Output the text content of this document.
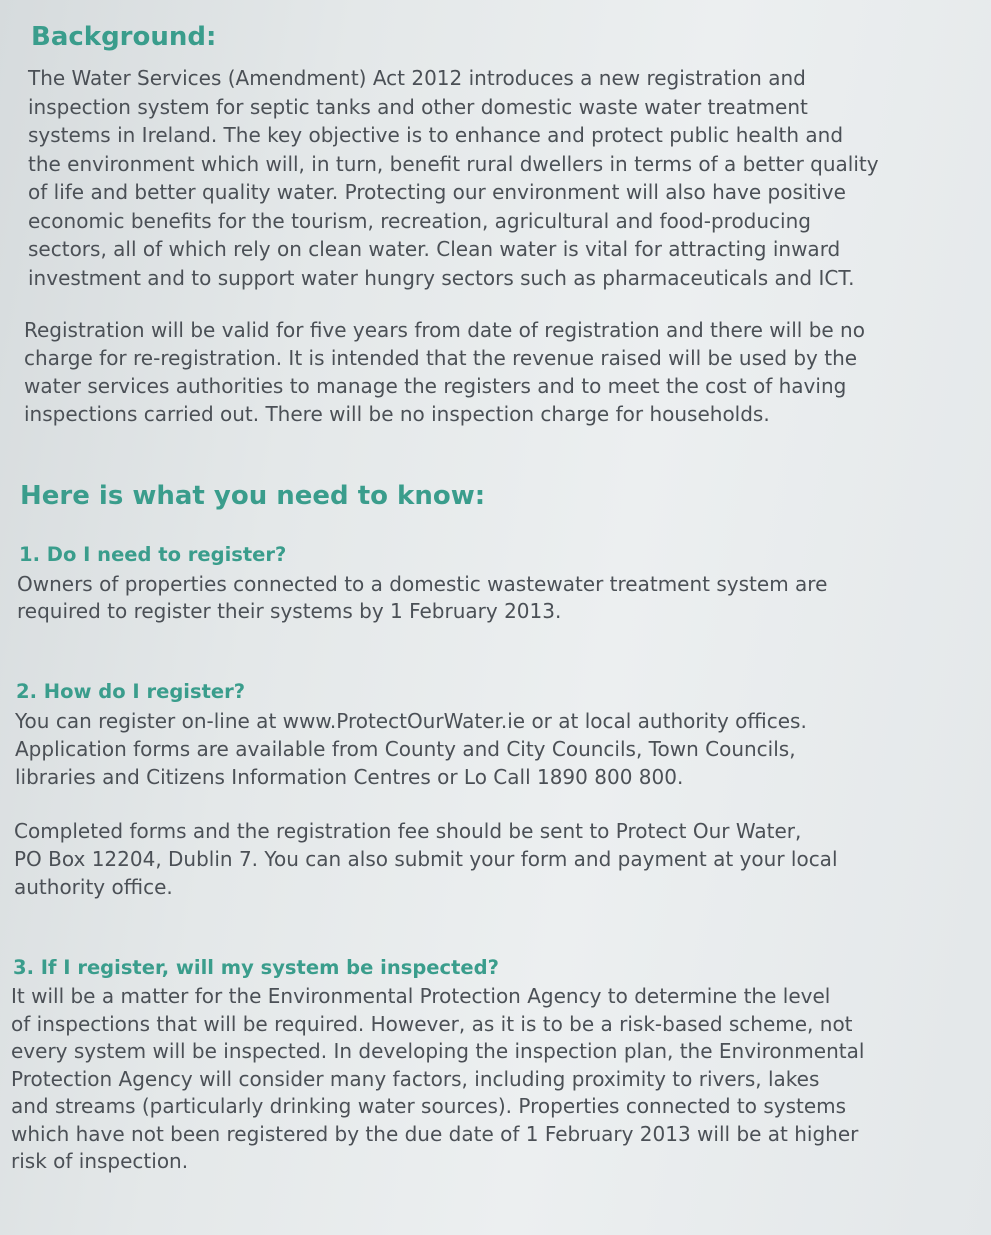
Background:

The Water Services (Amendment) Act 2012 introduces a new registration and
inspection system for septic tanks and other domestic waste water treatment
systems in Ireland. The key objective is to enhance and protect public health and
the environment which will, in turn, benefit rural dwellers in terms of a better quality
of life and better quality water. Protecting our environment will also have positive
economic benefits for the tourism, recreation, agricultural and food-producing
sectors, all of which rely on clean water. Clean water is vital for attracting inward
investment and to support water hungry sectors such as pharmaceuticals and ICT.

Registration will be valid for five years from date of registration and there will be no
charge for re-registration. It is intended that the revenue raised will be used by the
water services authorities to manage the registers and to meet the cost of having
inspections carried out. There will be no inspection charge for households.

Here is what you need to know:
1. Do I need to register?

Owners of properties connected to a domestic wastewater treatment system are
required to register their systems by 1 February 2013.

2. How do I register?

You can register on-line at www.ProtectOurWater.ie or at local authority offices.
Application forms are available from County and City Councils, Town Councils,
libraries and Citizens Information Centres or Lo Call 1890 800 800.

Completed forms and the registration fee should be sent to Protect Our Water,
PO Box 12204, Dublin 7. You can also submit your form and payment at your local
authority office.

3. If I register, will my system be inspected?

It will be a matter for the Environmental Protection Agency to determine the level
of inspections that will be required. However, as it is to be a risk-based scheme, not
every system will be inspected. In developing the inspection plan, the Environmental
Protection Agency will consider many factors, including proximity to rivers, lakes
and streams (particularly drinking water sources). Properties connected to systems
which have not been registered by the due date of 1 February 2013 will be at higher
risk of inspection.
